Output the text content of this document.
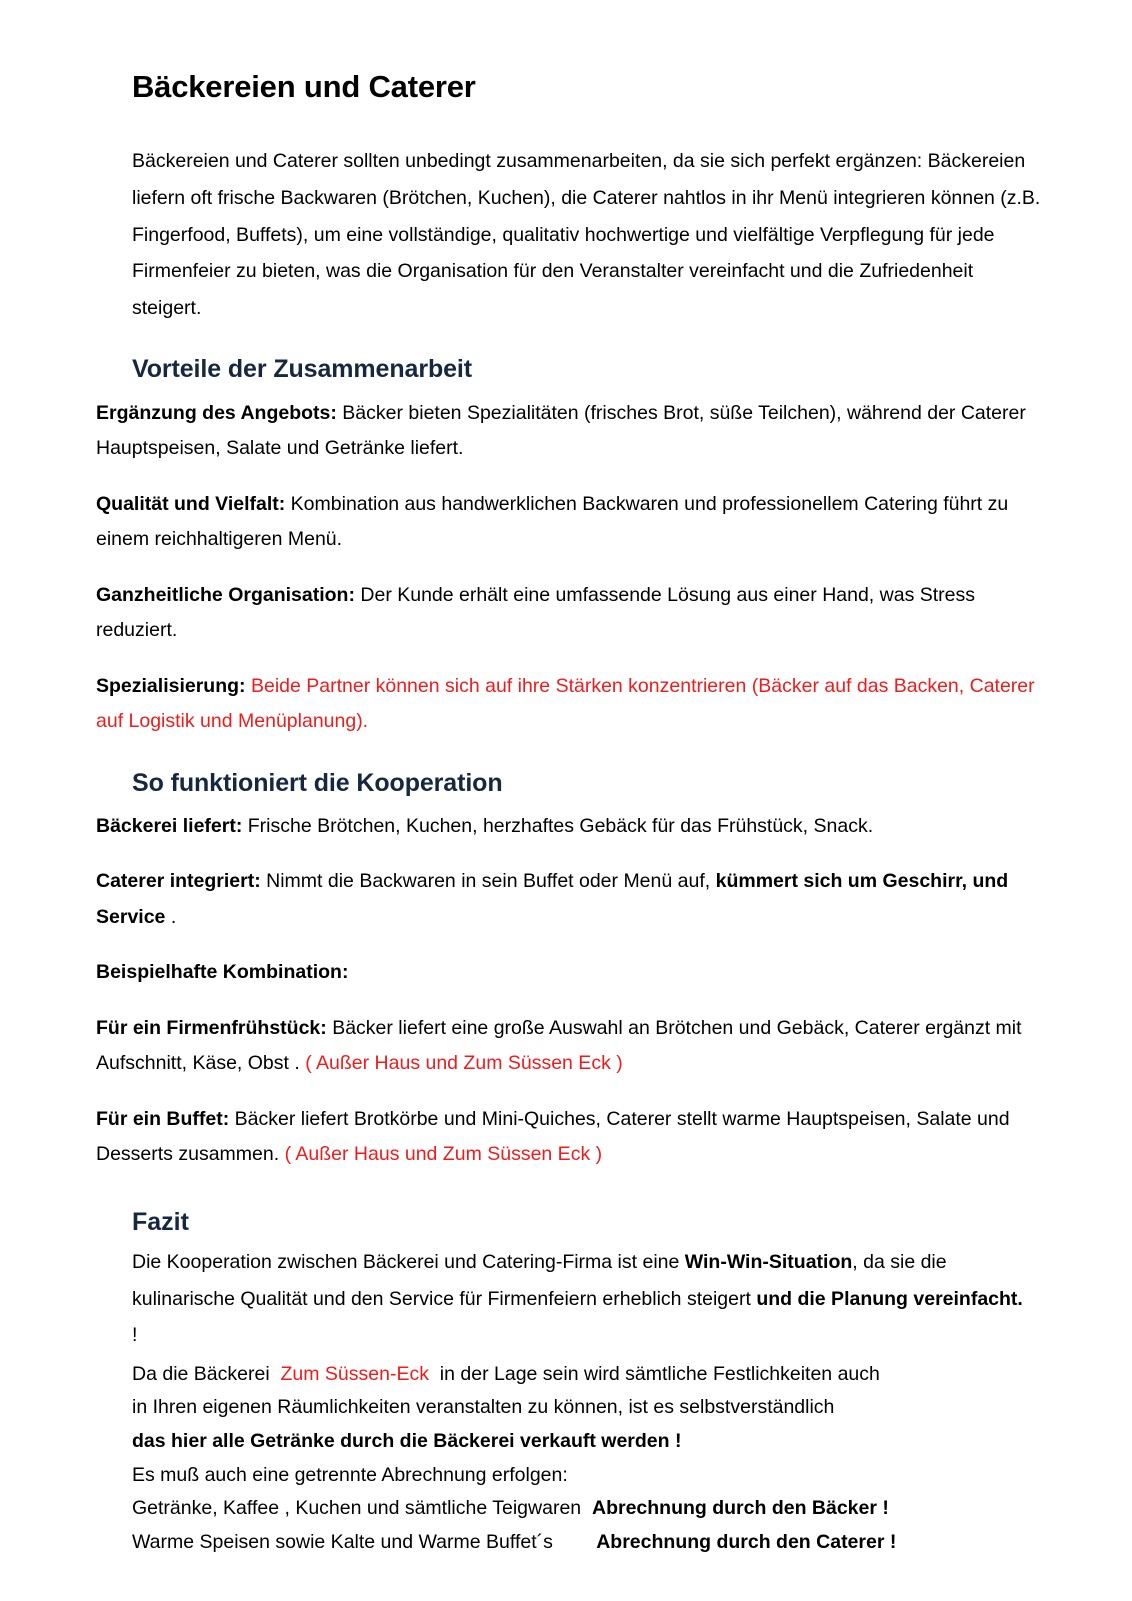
Bäckereien und Caterer

Bäckereien und Caterer sollten unbedingt zusammenarbeiten, da sie sich perfekt ergänzen: Bäckereien liefern oft frische Backwaren (Brötchen, Kuchen), die Caterer nahtlos in ihr Menü integrieren können (z.B. Fingerfood, Buffets), um eine vollständige, qualitativ hochwertige und vielfältige Verpflegung für jede Firmenfeier zu bieten, was die Organisation für den Veranstalter vereinfacht und die Zufriedenheit steigert.

Vorteile der Zusammenarbeit

Ergänzung des Angebots: Bäcker bieten Spezialitäten (frisches Brot, süße Teilchen), während der Caterer Hauptspeisen, Salate und Getränke liefert.

Qualität und Vielfalt: Kombination aus handwerklichen Backwaren und professionellem Catering führt zu einem reichhaltigeren Menü.

Ganzheitliche Organisation: Der Kunde erhält eine umfassende Lösung aus einer Hand, was Stress reduziert.

Spezialisierung: Beide Partner können sich auf ihre Stärken konzentrieren (Bäcker auf das Backen, Caterer auf Logistik und Menüplanung).

So funktioniert die Kooperation

Bäckerei liefert: Frische Brötchen, Kuchen, herzhaftes Gebäck für das Frühstück, Snack.

Caterer integriert: Nimmt die Backwaren in sein Buffet oder Menü auf, kümmert sich um Geschirr, und Service .

Beispielhafte Kombination:

Für ein Firmenfrühstück: Bäcker liefert eine große Auswahl an Brötchen und Gebäck, Caterer ergänzt mit Aufschnitt, Käse, Obst . ( Außer Haus und Zum Süssen Eck )

Für ein Buffet: Bäcker liefert Brotkörbe und Mini-Quiches, Caterer stellt warme Hauptspeisen, Salate und Desserts zusammen. ( Außer Haus und Zum Süssen Eck )

Fazit

Die Kooperation zwischen Bäckerei und Catering-Firma ist eine Win-Win-Situation, da sie die kulinarische Qualität und den Service für Firmenfeiern erheblich steigert und die Planung vereinfacht. !

Da die Bäckerei  Zum Süssen-Eck  in der Lage sein wird sämtliche Festlichkeiten auch
in Ihren eigenen Räumlichkeiten veranstalten zu können, ist es selbstverständlich
das hier alle Getränke durch die Bäckerei verkauft werden !
Es muß auch eine getrennte Abrechnung erfolgen:
Getränke, Kaffee , Kuchen und sämtliche Teigwaren  Abrechnung durch den Bäcker !
Warme Speisen sowie Kalte und Warme Buffet´s        Abrechnung durch den Caterer !
